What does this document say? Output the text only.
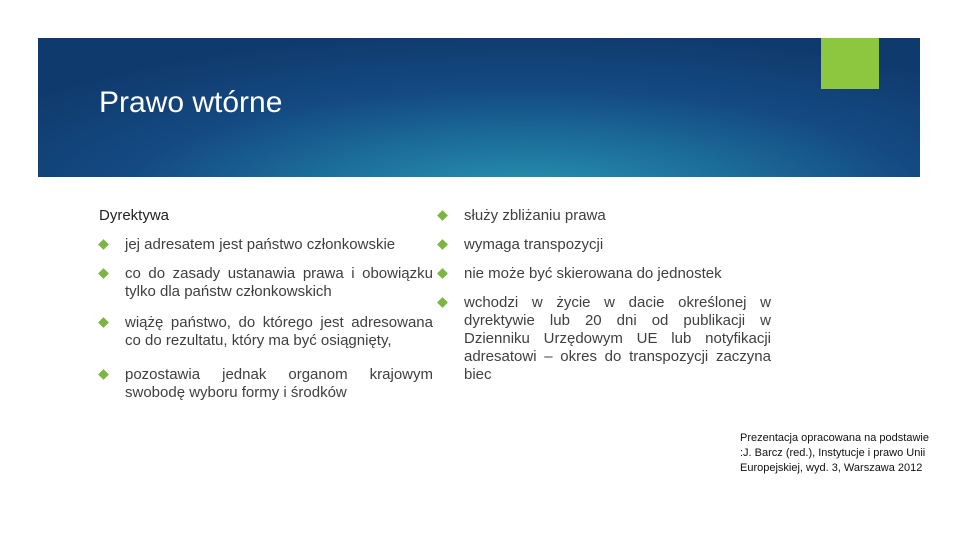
Prawo wtórne
Dyrektywa
jej adresatem jest państwo członkowskie
co do zasady ustanawia prawa i obowiązku tylko dla państw członkowskich
wiążę państwo, do którego jest adresowana co do rezultatu, który ma być osiągnięty,
pozostawia jednak organom krajowym swobodę wyboru formy i środków
służy zbliżaniu prawa
wymaga transpozycji
nie może być skierowana do jednostek
wchodzi w życie w dacie określonej w dyrektywie lub 20 dni od publikacji w Dzienniku Urzędowym UE lub notyfikacji adresatowi – okres do transpozycji zaczyna biec
Prezentacja opracowana na podstawie :J. Barcz (red.), Instytucje i prawo Unii Europejskiej, wyd. 3, Warszawa 2012
